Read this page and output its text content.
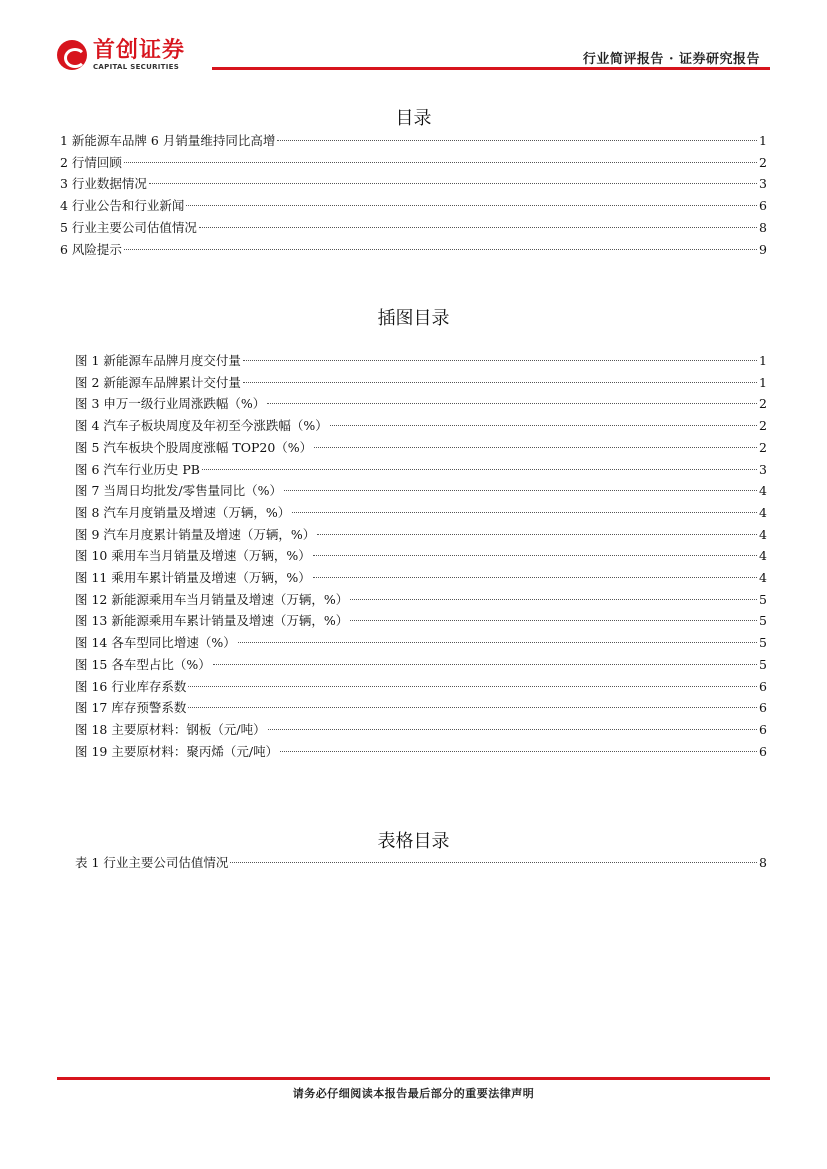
首创证券
CAPITAL SECURITIES	行业简评报告 · 证券研究报告
目录
1 新能源车品牌 6 月销量维持同比高增	1
2 行情回顾	2
3 行业数据情况	3
4 行业公告和行业新闻	6
5 行业主要公司估值情况	8
6 风险提示	9
插图目录
图 1 新能源车品牌月度交付量	1
图 2 新能源车品牌累计交付量	1
图 3 申万一级行业周涨跌幅（%）	2
图 4 汽车子板块周度及年初至今涨跌幅（%）	2
图 5 汽车板块个股周度涨幅 TOP20（%）	2
图 6 汽车行业历史 PB	3
图 7 当周日均批发/零售量同比（%）	4
图 8 汽车月度销量及增速（万辆，%）	4
图 9 汽车月度累计销量及增速（万辆，%）	4
图 10 乘用车当月销量及增速（万辆，%）	4
图 11 乘用车累计销量及增速（万辆，%）	4
图 12 新能源乘用车当月销量及增速（万辆，%）	5
图 13 新能源乘用车累计销量及增速（万辆，%）	5
图 14 各车型同比增速（%）	5
图 15 各车型占比（%）	5
图 16 行业库存系数	6
图 17 库存预警系数	6
图 18 主要原材料：钢板（元/吨）	6
图 19 主要原材料：聚丙烯（元/吨）	6
表格目录
表 1 行业主要公司估值情况	8
请务必仔细阅读本报告最后部分的重要法律声明
